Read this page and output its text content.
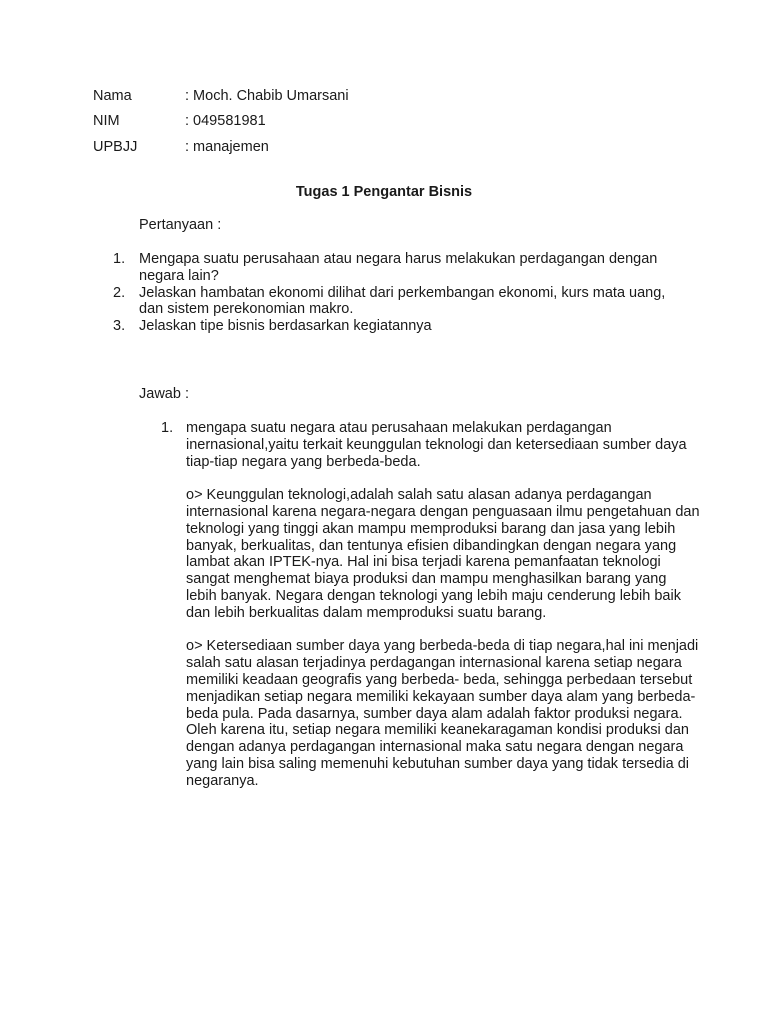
Nama	: Moch. Chabib Umarsani
NIM	: 049581981
UPBJJ	: manajemen
Tugas 1 Pengantar Bisnis
Pertanyaan :
1. Mengapa suatu perusahaan atau negara harus melakukan perdagangan dengan negara lain?
2. Jelaskan hambatan ekonomi dilihat dari perkembangan ekonomi, kurs mata uang, dan sistem perekonomian makro.
3. Jelaskan tipe bisnis berdasarkan kegiatannya
Jawab :
1. mengapa suatu negara atau perusahaan melakukan perdagangan inernasional,yaitu terkait keunggulan teknologi dan ketersediaan sumber daya tiap-tiap negara yang berbeda-beda.

o> Keunggulan teknologi,adalah salah satu alasan adanya perdagangan internasional karena negara-negara dengan penguasaan ilmu pengetahuan dan teknologi yang tinggi akan mampu memproduksi barang dan jasa yang lebih banyak, berkualitas, dan tentunya efisien dibandingkan dengan negara yang lambat akan IPTEK-nya. Hal ini bisa terjadi karena pemanfaatan teknologi sangat menghemat biaya produksi dan mampu menghasilkan barang yang lebih banyak. Negara dengan teknologi yang lebih maju cenderung lebih baik dan lebih berkualitas dalam memproduksi suatu barang.

o> Ketersediaan sumber daya yang berbeda-beda di tiap negara,hal ini menjadi salah satu alasan terjadinya perdagangan internasional karena setiap negara memiliki keadaan geografis yang berbeda- beda, sehingga perbedaan tersebut menjadikan setiap negara memiliki kekayaan sumber daya alam yang berbeda-beda pula. Pada dasarnya, sumber daya alam adalah faktor produksi negara. Oleh karena itu, setiap negara memiliki keanekaragaman kondisi produksi dan dengan adanya perdagangan internasional maka satu negara dengan negara yang lain bisa saling memenuhi kebutuhan sumber daya yang tidak tersedia di negaranya.
